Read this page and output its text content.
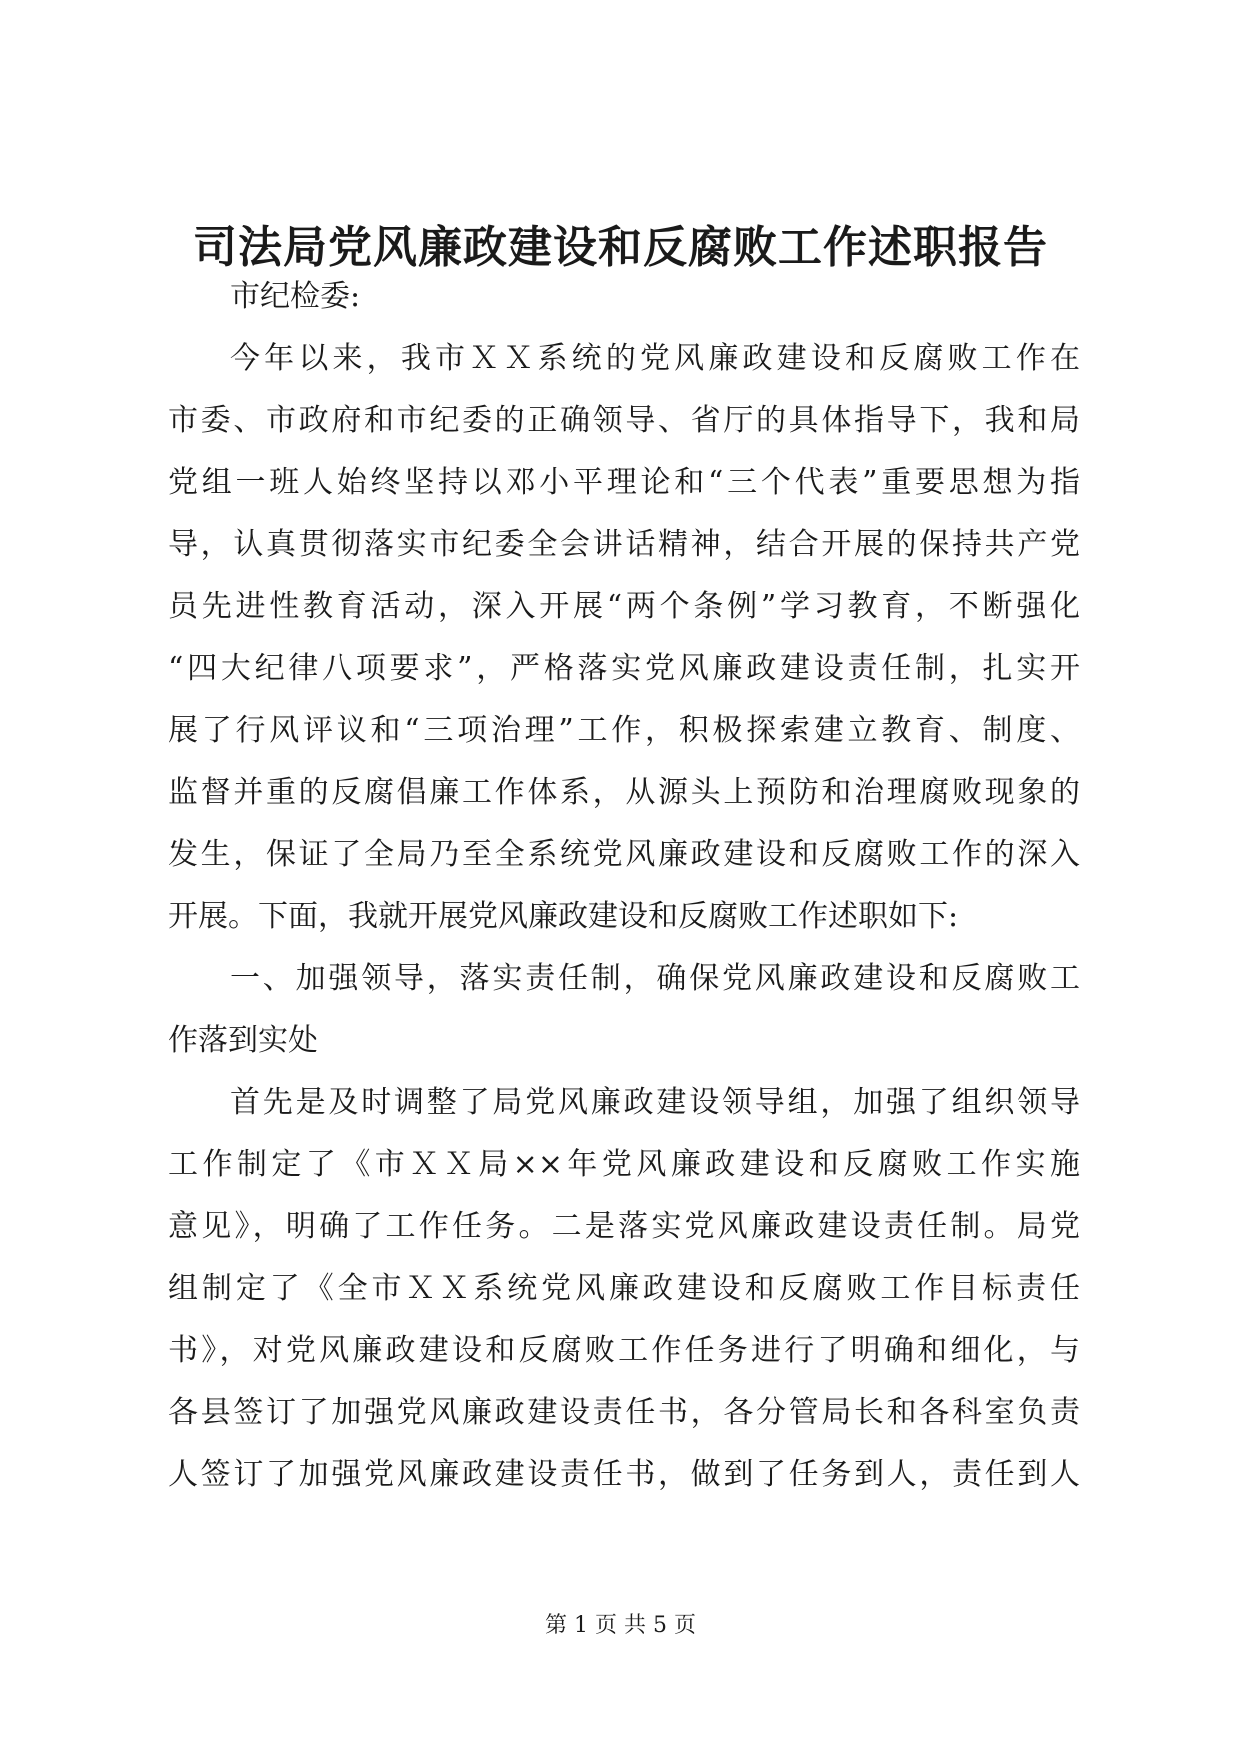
司法局党风廉政建设和反腐败工作述职报告
市纪检委:
今年以来，我市ＸＸ系统的党风廉政建设和反腐败工作在
市委、市政府和市纪委的正确领导、省厅的具体指导下，我和局
党组一班人始终坚持以邓小平理论和“三个代表”重要思想为指
导，认真贯彻落实市纪委全会讲话精神，结合开展的保持共产党
员先进性教育活动，深入开展“两个条例”学习教育，不断强化
“四大纪律八项要求”，严格落实党风廉政建设责任制，扎实开
展了行风评议和“三项治理”工作，积极探索建立教育、制度、
监督并重的反腐倡廉工作体系，从源头上预防和治理腐败现象的
发生，保证了全局乃至全系统党风廉政建设和反腐败工作的深入
开展。下面，我就开展党风廉政建设和反腐败工作述职如下:
一、加强领导，落实责任制，确保党风廉政建设和反腐败工
作落到实处
首先是及时调整了局党风廉政建设领导组，加强了组织领导
工作制定了《市ＸＸ局××年党风廉政建设和反腐败工作实施
意见》，明确了工作任务。二是落实党风廉政建设责任制。局党
组制定了《全市ＸＸ系统党风廉政建设和反腐败工作目标责任
书》，对党风廉政建设和反腐败工作任务进行了明确和细化，与
各县签订了加强党风廉政建设责任书，各分管局长和各科室负责
人签订了加强党风廉政建设责任书，做到了任务到人，责任到人
第 1 页 共 5 页
